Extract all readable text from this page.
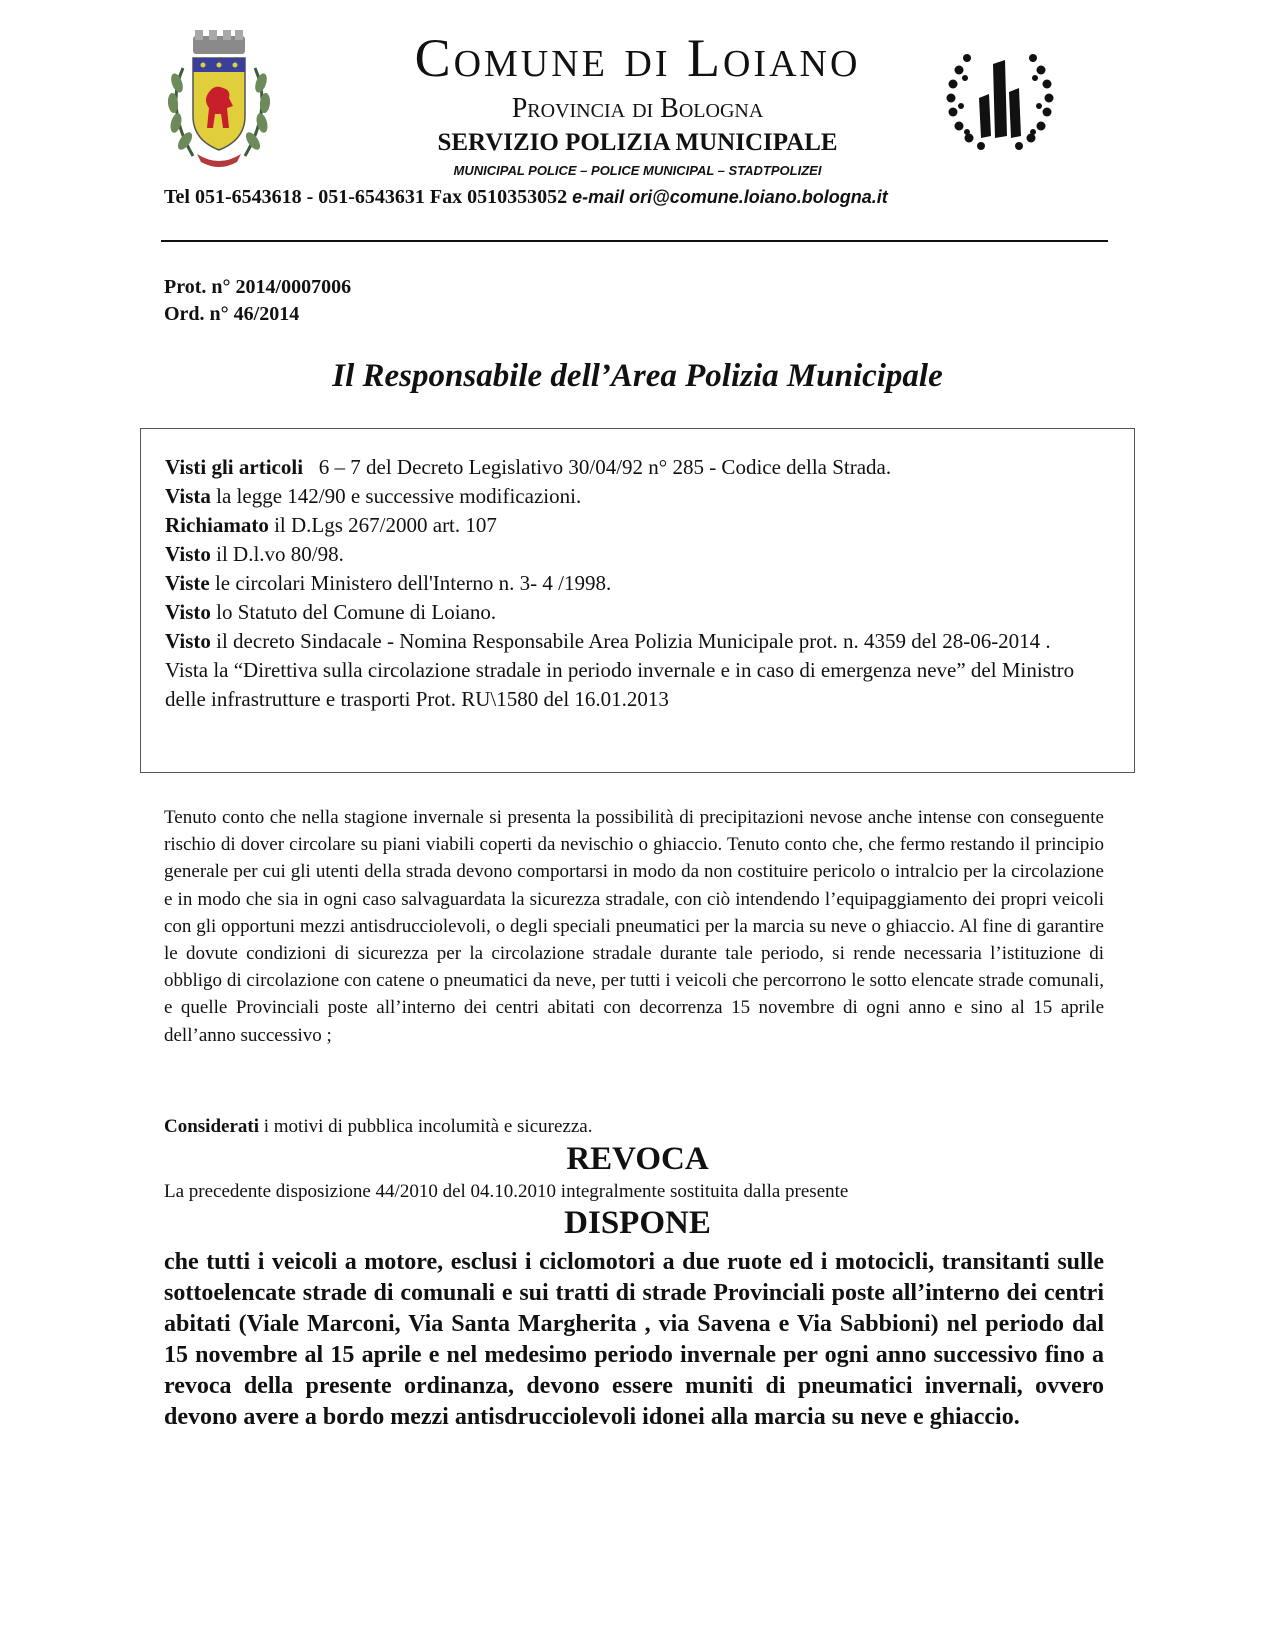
Comune di Loiano
Provincia di Bologna
SERVIZIO POLIZIA MUNICIPALE
MUNICIPAL POLICE – POLICE MUNICIPAL – STADTPOLIZEI
Tel 051-6543618 - 051-6543631 Fax 0510353052 e-mail ori@comune.loiano.bologna.it
Prot. n° 2014/0007006
Ord. n° 46/2014
Il Responsabile dell’Area Polizia Municipale
Visti gli articoli   6 – 7 del Decreto Legislativo 30/04/92 n° 285 - Codice della Strada.
Vista la legge 142/90 e successive modificazioni.
Richiamato il D.Lgs 267/2000 art. 107
Visto il D.l.vo 80/98.
Viste le circolari Ministero dell'Interno n. 3- 4 /1998.
Visto lo Statuto del Comune di Loiano.
Visto il decreto Sindacale - Nomina Responsabile Area Polizia Municipale prot. n. 4359 del 28-06-2014 .
Vista la “Direttiva sulla circolazione stradale in periodo invernale e in caso di emergenza neve” del Ministro delle infrastrutture e trasporti Prot. RU\1580 del 16.01.2013

Tenuto conto che nella stagione invernale si presenta la possibilità di precipitazioni nevose anche intense con conseguente rischio di dover circolare su piani viabili coperti da nevischio o ghiaccio. Tenuto conto che, che fermo restando il principio generale per cui gli utenti della strada devono comportarsi in modo da non costituire pericolo o intralcio per la circolazione e in modo che sia in ogni caso salvaguardata la sicurezza stradale, con ciò intendendo l’equipaggiamento dei propri veicoli con gli opportuni mezzi antisdrucciolevoli, o degli speciali pneumatici per la marcia su neve o ghiaccio. Al fine di garantire le dovute condizioni di sicurezza per la circolazione stradale durante tale periodo, si rende necessaria l’istituzione di obbligo di circolazione con catene o pneumatici da neve, per tutti i veicoli che percorrono le sotto elencate strade comunali, e quelle Provinciali poste all’interno dei centri abitati con decorrenza 15 novembre di ogni anno e sino al 15 aprile dell’anno successivo ;

Considerati i motivi di pubblica incolumità e sicurezza.
REVOCA
La precedente disposizione 44/2010 del 04.10.2010 integralmente sostituita dalla presente
DISPONE

che tutti i veicoli a motore, esclusi i ciclomotori a due ruote ed i motocicli, transitanti sulle sottoelencate strade di comunali e sui tratti di strade Provinciali poste all’interno dei centri abitati (Viale Marconi, Via Santa Margherita , via Savena e Via Sabbioni) nel periodo dal 15 novembre al 15 aprile e nel medesimo periodo invernale per ogni anno successivo fino a revoca della presente ordinanza, devono essere muniti di pneumatici invernali, ovvero devono avere a bordo mezzi antisdrucciolevoli idonei alla marcia su neve e ghiaccio.
